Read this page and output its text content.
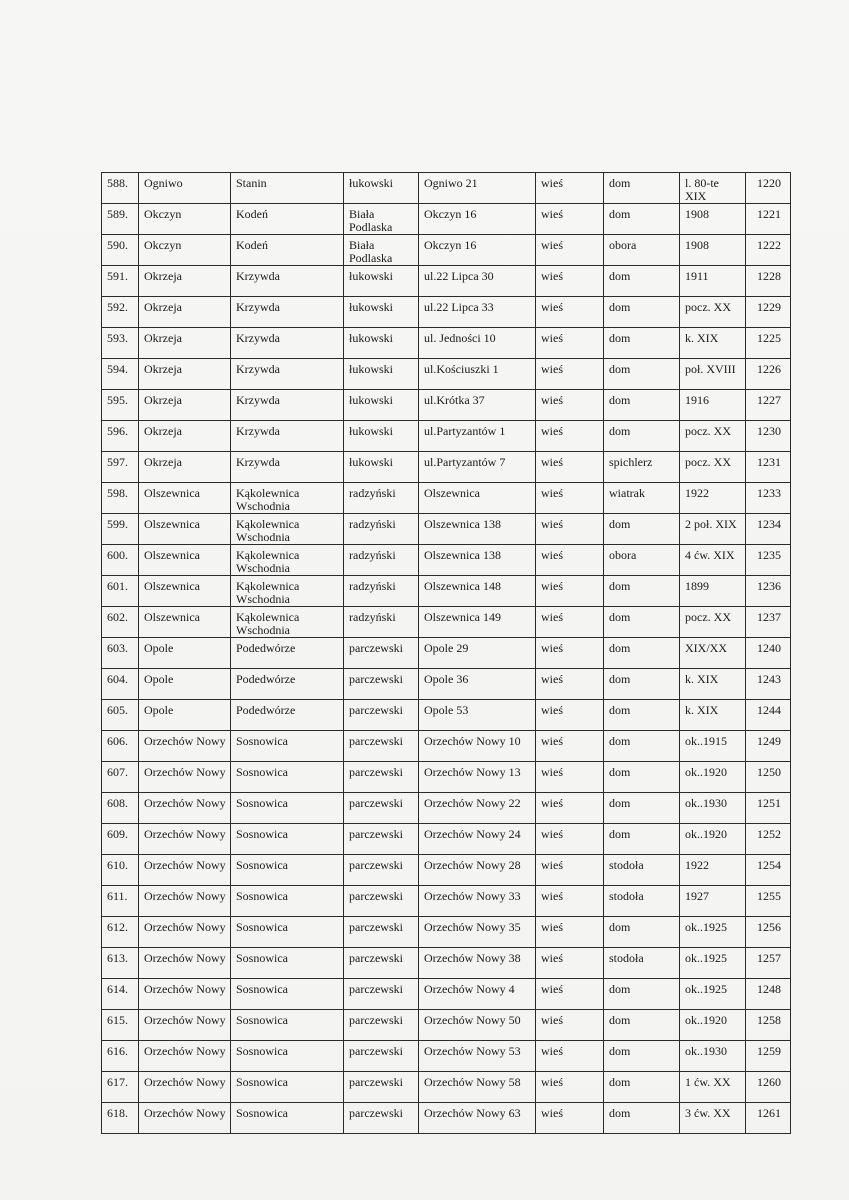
588.	Ogniwo	Stanin	łukowski	Ogniwo 21	wieś	dom	l. 80-te XIX	1220
589.	Okczyn	Kodeń	Biała Podlaska	Okczyn 16	wieś	dom	1908	1221
590.	Okczyn	Kodeń	Biała Podlaska	Okczyn 16	wieś	obora	1908	1222
591.	Okrzeja	Krzywda	łukowski	ul.22 Lipca 30	wieś	dom	1911	1228
592.	Okrzeja	Krzywda	łukowski	ul.22 Lipca 33	wieś	dom	pocz. XX	1229
593.	Okrzeja	Krzywda	łukowski	ul. Jedności 10	wieś	dom	k. XIX	1225
594.	Okrzeja	Krzywda	łukowski	ul.Kościuszki 1	wieś	dom	poł. XVIII	1226
595.	Okrzeja	Krzywda	łukowski	ul.Krótka 37	wieś	dom	1916	1227
596.	Okrzeja	Krzywda	łukowski	ul.Partyzantów 1	wieś	dom	pocz. XX	1230
597.	Okrzeja	Krzywda	łukowski	ul.Partyzantów 7	wieś	spichlerz	pocz. XX	1231
598.	Olszewnica	Kąkolewnica Wschodnia	radzyński	Olszewnica	wieś	wiatrak	1922	1233
599.	Olszewnica	Kąkolewnica Wschodnia	radzyński	Olszewnica 138	wieś	dom	2 poł. XIX	1234
600.	Olszewnica	Kąkolewnica Wschodnia	radzyński	Olszewnica 138	wieś	obora	4 ćw. XIX	1235
601.	Olszewnica	Kąkolewnica Wschodnia	radzyński	Olszewnica 148	wieś	dom	1899	1236
602.	Olszewnica	Kąkolewnica Wschodnia	radzyński	Olszewnica 149	wieś	dom	pocz. XX	1237
603.	Opole	Podedwórze	parczewski	Opole 29	wieś	dom	XIX/XX	1240
604.	Opole	Podedwórze	parczewski	Opole 36	wieś	dom	k. XIX	1243
605.	Opole	Podedwórze	parczewski	Opole 53	wieś	dom	k. XIX	1244
606.	Orzechów Nowy	Sosnowica	parczewski	Orzechów Nowy 10	wieś	dom	ok..1915	1249
607.	Orzechów Nowy	Sosnowica	parczewski	Orzechów Nowy 13	wieś	dom	ok..1920	1250
608.	Orzechów Nowy	Sosnowica	parczewski	Orzechów Nowy 22	wieś	dom	ok..1930	1251
609.	Orzechów Nowy	Sosnowica	parczewski	Orzechów Nowy 24	wieś	dom	ok..1920	1252
610.	Orzechów Nowy	Sosnowica	parczewski	Orzechów Nowy 28	wieś	stodoła	1922	1254
611.	Orzechów Nowy	Sosnowica	parczewski	Orzechów Nowy 33	wieś	stodoła	1927	1255
612.	Orzechów Nowy	Sosnowica	parczewski	Orzechów Nowy 35	wieś	dom	ok..1925	1256
613.	Orzechów Nowy	Sosnowica	parczewski	Orzechów Nowy 38	wieś	stodoła	ok..1925	1257
614.	Orzechów Nowy	Sosnowica	parczewski	Orzechów Nowy 4	wieś	dom	ok..1925	1248
615.	Orzechów Nowy	Sosnowica	parczewski	Orzechów Nowy 50	wieś	dom	ok..1920	1258
616.	Orzechów Nowy	Sosnowica	parczewski	Orzechów Nowy 53	wieś	dom	ok..1930	1259
617.	Orzechów Nowy	Sosnowica	parczewski	Orzechów Nowy 58	wieś	dom	1 ćw. XX	1260
618.	Orzechów Nowy	Sosnowica	parczewski	Orzechów Nowy 63	wieś	dom	3 ćw. XX	1261
